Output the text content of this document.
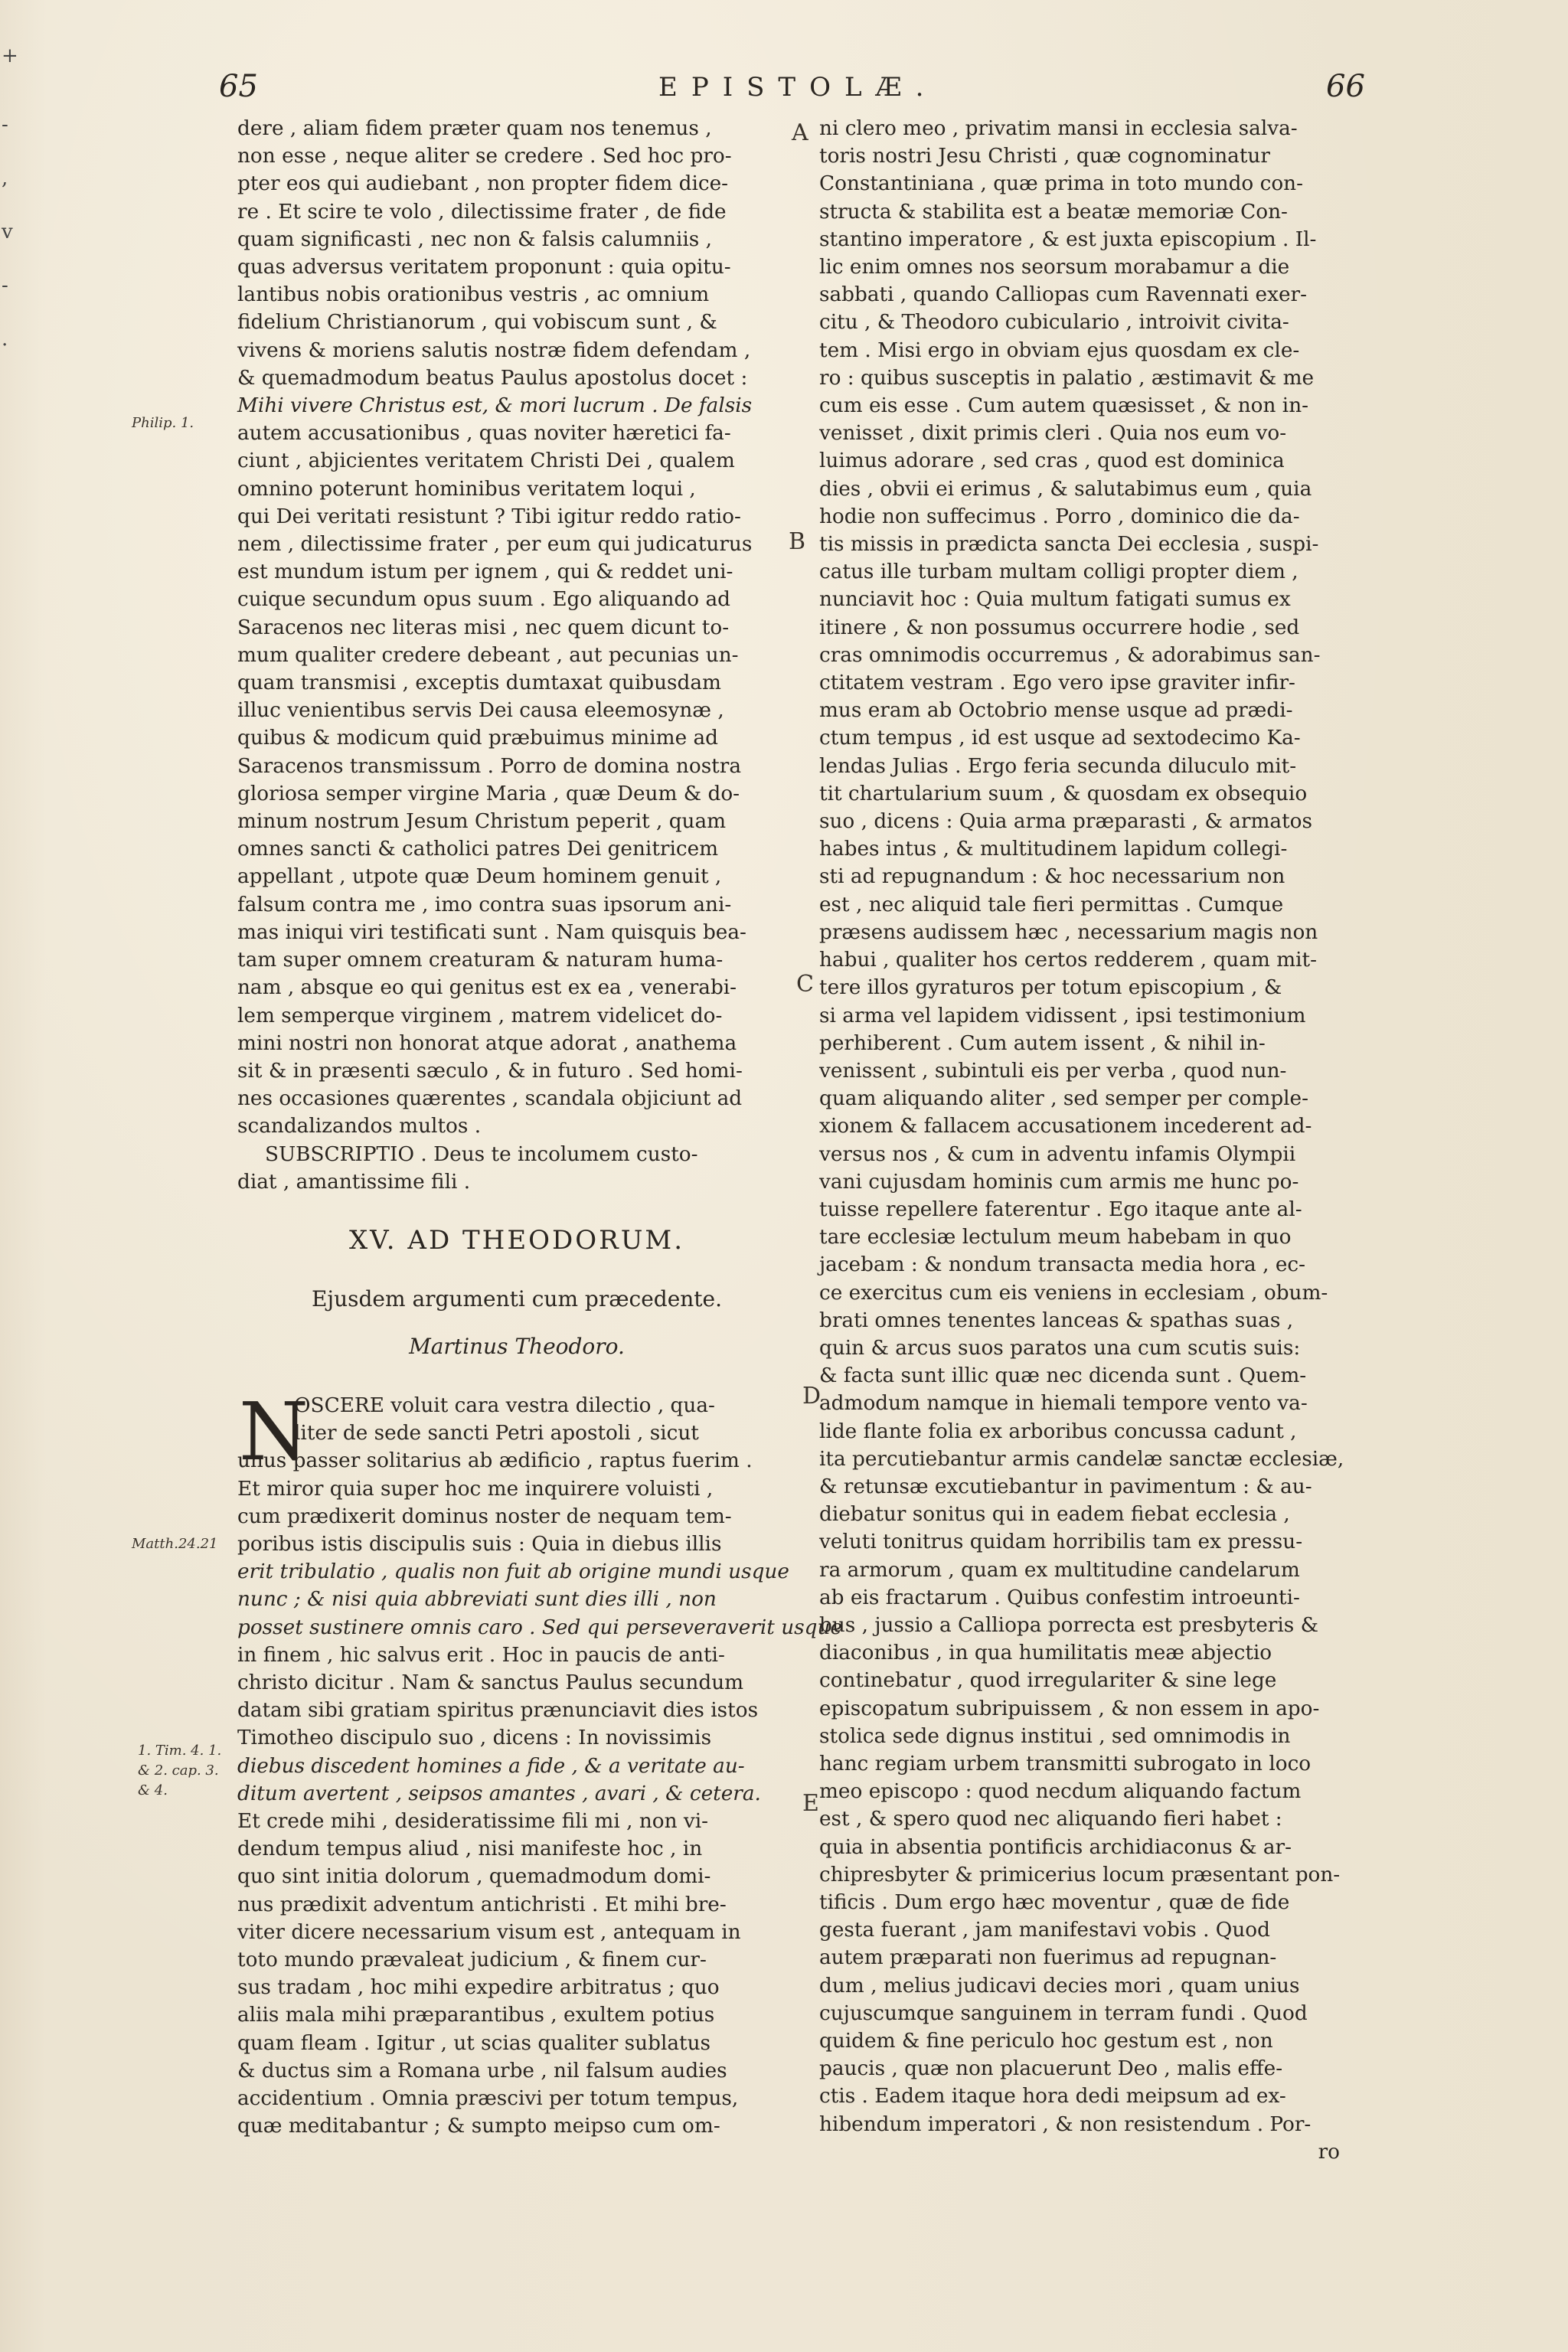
+
-
,
v
-
.
65	EPISTOLÆ.	66
A
B
C
D
E
Philip. 1.
Matth.24.21
1. Tim. 4. 1.
& 2. cap. 3.
& 4.
dere , aliam fidem præter quam nos tenemus ,
non esse , neque aliter se credere . Sed hoc pro-
pter eos qui audiebant , non propter fidem dice-
re . Et scire te volo , dilectissime frater , de fide
quam significasti , nec non & falsis calumniis ,
quas adversus veritatem proponunt : quia opitu-
lantibus nobis orationibus vestris , ac omnium
fidelium Christianorum , qui vobiscum sunt , &
vivens & moriens salutis nostræ fidem defendam ,
& quemadmodum beatus Paulus apostolus docet :
Mihi vivere Christus est, & mori lucrum . De falsis
autem accusationibus , quas noviter hæretici fa-
ciunt , abjicientes veritatem Christi Dei , qualem
omnino poterunt hominibus veritatem loqui ,
qui Dei veritati resistunt ? Tibi igitur reddo ratio-
nem , dilectissime frater , per eum qui judicaturus
est mundum istum per ignem , qui & reddet uni-
cuique secundum opus suum . Ego aliquando ad
Saracenos nec literas misi , nec quem dicunt to-
mum qualiter credere debeant , aut pecunias un-
quam transmisi , exceptis dumtaxat quibusdam
illuc venientibus servis Dei causa eleemosynæ ,
quibus & modicum quid præbuimus minime ad
Saracenos transmissum . Porro de domina nostra
gloriosa semper virgine Maria , quæ Deum & do-
minum nostrum Jesum Christum peperit , quam
omnes sancti & catholici patres Dei genitricem
appellant , utpote quæ Deum hominem genuit ,
falsum contra me , imo contra suas ipsorum ani-
mas iniqui viri testificati sunt . Nam quisquis bea-
tam super omnem creaturam & naturam huma-
nam , absque eo qui genitus est ex ea , venerabi-
lem semperque virginem , matrem videlicet do-
mini nostri non honorat atque adorat , anathema
sit & in præsenti sæculo , & in futuro . Sed homi-
nes occasiones quærentes , scandala objiciunt ad
scandalizandos multos .
SUBSCRIPTIO . Deus te incolumem custo-
diat , amantissime fili .
XV. AD THEODORUM.
Ejusdem argumenti cum præcedente.
Martinus Theodoro.
N
OSCERE voluit cara vestra dilectio , qua-
liter de sede sancti Petri apostoli , sicut
unus passer solitarius ab ædificio , raptus fuerim .
Et miror quia super hoc me inquirere voluisti ,
cum prædixerit dominus noster de nequam tem-
poribus istis discipulis suis : Quia in diebus illis
erit tribulatio , qualis non fuit ab origine mundi usque
nunc ; & nisi quia abbreviati sunt dies illi , non
posset sustinere omnis caro . Sed qui perseveraverit usque
in finem , hic salvus erit . Hoc in paucis de anti-
christo dicitur . Nam & sanctus Paulus secundum
datam sibi gratiam spiritus prænunciavit dies istos
Timotheo discipulo suo , dicens : In novissimis
diebus discedent homines a fide , & a veritate au-
ditum avertent , seipsos amantes , avari , & cetera.
Et crede mihi , desideratissime fili mi , non vi-
dendum tempus aliud , nisi manifeste hoc , in
quo sint initia dolorum , quemadmodum domi-
nus prædixit adventum antichristi . Et mihi bre-
viter dicere necessarium visum est , antequam in
toto mundo prævaleat judicium , & finem cur-
sus tradam , hoc mihi expedire arbitratus ; quo
aliis mala mihi præparantibus , exultem potius
quam fleam . Igitur , ut scias qualiter sublatus
& ductus sim a Romana urbe , nil falsum audies
accidentium . Omnia præscivi per totum tempus,
quæ meditabantur ; & sumpto meipso cum om-
ni clero meo , privatim mansi in ecclesia salva-
toris nostri Jesu Christi , quæ cognominatur
Constantiniana , quæ prima in toto mundo con-
structa & stabilita est a beatæ memoriæ Con-
stantino imperatore , & est juxta episcopium . Il-
lic enim omnes nos seorsum morabamur a die
sabbati , quando Calliopas cum Ravennati exer-
citu , & Theodoro cubiculario , introivit civita-
tem . Misi ergo in obviam ejus quosdam ex cle-
ro : quibus susceptis in palatio , æstimavit & me
cum eis esse . Cum autem quæsisset , & non in-
venisset , dixit primis cleri . Quia nos eum vo-
luimus adorare , sed cras , quod est dominica
dies , obvii ei erimus , & salutabimus eum , quia
hodie non suffecimus . Porro , dominico die da-
tis missis in prædicta sancta Dei ecclesia , suspi-
catus ille turbam multam colligi propter diem ,
nunciavit hoc : Quia multum fatigati sumus ex
itinere , & non possumus occurrere hodie , sed
cras omnimodis occurremus , & adorabimus san-
ctitatem vestram . Ego vero ipse graviter infir-
mus eram ab Octobrio mense usque ad prædi-
ctum tempus , id est usque ad sextodecimo Ka-
lendas Julias . Ergo feria secunda diluculo mit-
tit chartularium suum , & quosdam ex obsequio
suo , dicens : Quia arma præparasti , & armatos
habes intus , & multitudinem lapidum collegi-
sti ad repugnandum : & hoc necessarium non
est , nec aliquid tale fieri permittas . Cumque
præsens audissem hæc , necessarium magis non
habui , qualiter hos certos redderem , quam mit-
tere illos gyraturos per totum episcopium , &
si arma vel lapidem vidissent , ipsi testimonium
perhiberent . Cum autem issent , & nihil in-
venissent , subintuli eis per verba , quod nun-
quam aliquando aliter , sed semper per comple-
xionem & fallacem accusationem incederent ad-
versus nos , & cum in adventu infamis Olympii
vani cujusdam hominis cum armis me hunc po-
tuisse repellere faterentur . Ego itaque ante al-
tare ecclesiæ lectulum meum habebam in quo
jacebam : & nondum transacta media hora , ec-
ce exercitus cum eis veniens in ecclesiam , obum-
brati omnes tenentes lanceas & spathas suas ,
quin & arcus suos paratos una cum scutis suis:
& facta sunt illic quæ nec dicenda sunt . Quem-
admodum namque in hiemali tempore vento va-
lide flante folia ex arboribus concussa cadunt ,
ita percutiebantur armis candelæ sanctæ ecclesiæ,
& retunsæ excutiebantur in pavimentum : & au-
diebatur sonitus qui in eadem fiebat ecclesia ,
veluti tonitrus quidam horribilis tam ex pressu-
ra armorum , quam ex multitudine candelarum
ab eis fractarum . Quibus confestim introeunti-
bus , jussio a Calliopa porrecta est presbyteris &
diaconibus , in qua humilitatis meæ abjectio
continebatur , quod irregulariter & sine lege
episcopatum subripuissem , & non essem in apo-
stolica sede dignus institui , sed omnimodis in
hanc regiam urbem transmitti subrogato in loco
meo episcopo : quod necdum aliquando factum
est , & spero quod nec aliquando fieri habet :
quia in absentia pontificis archidiaconus & ar-
chipresbyter & primicerius locum præsentant pon-
tificis . Dum ergo hæc moventur , quæ de fide
gesta fuerant , jam manifestavi vobis . Quod
autem præparati non fuerimus ad repugnan-
dum , melius judicavi decies mori , quam unius
cujuscumque sanguinem in terram fundi . Quod
quidem & fine periculo hoc gestum est , non
paucis , quæ non placuerunt Deo , malis effe-
ctis . Eadem itaque hora dedi meipsum ad ex-
hibendum imperatori , & non resistendum . Por-
ro
